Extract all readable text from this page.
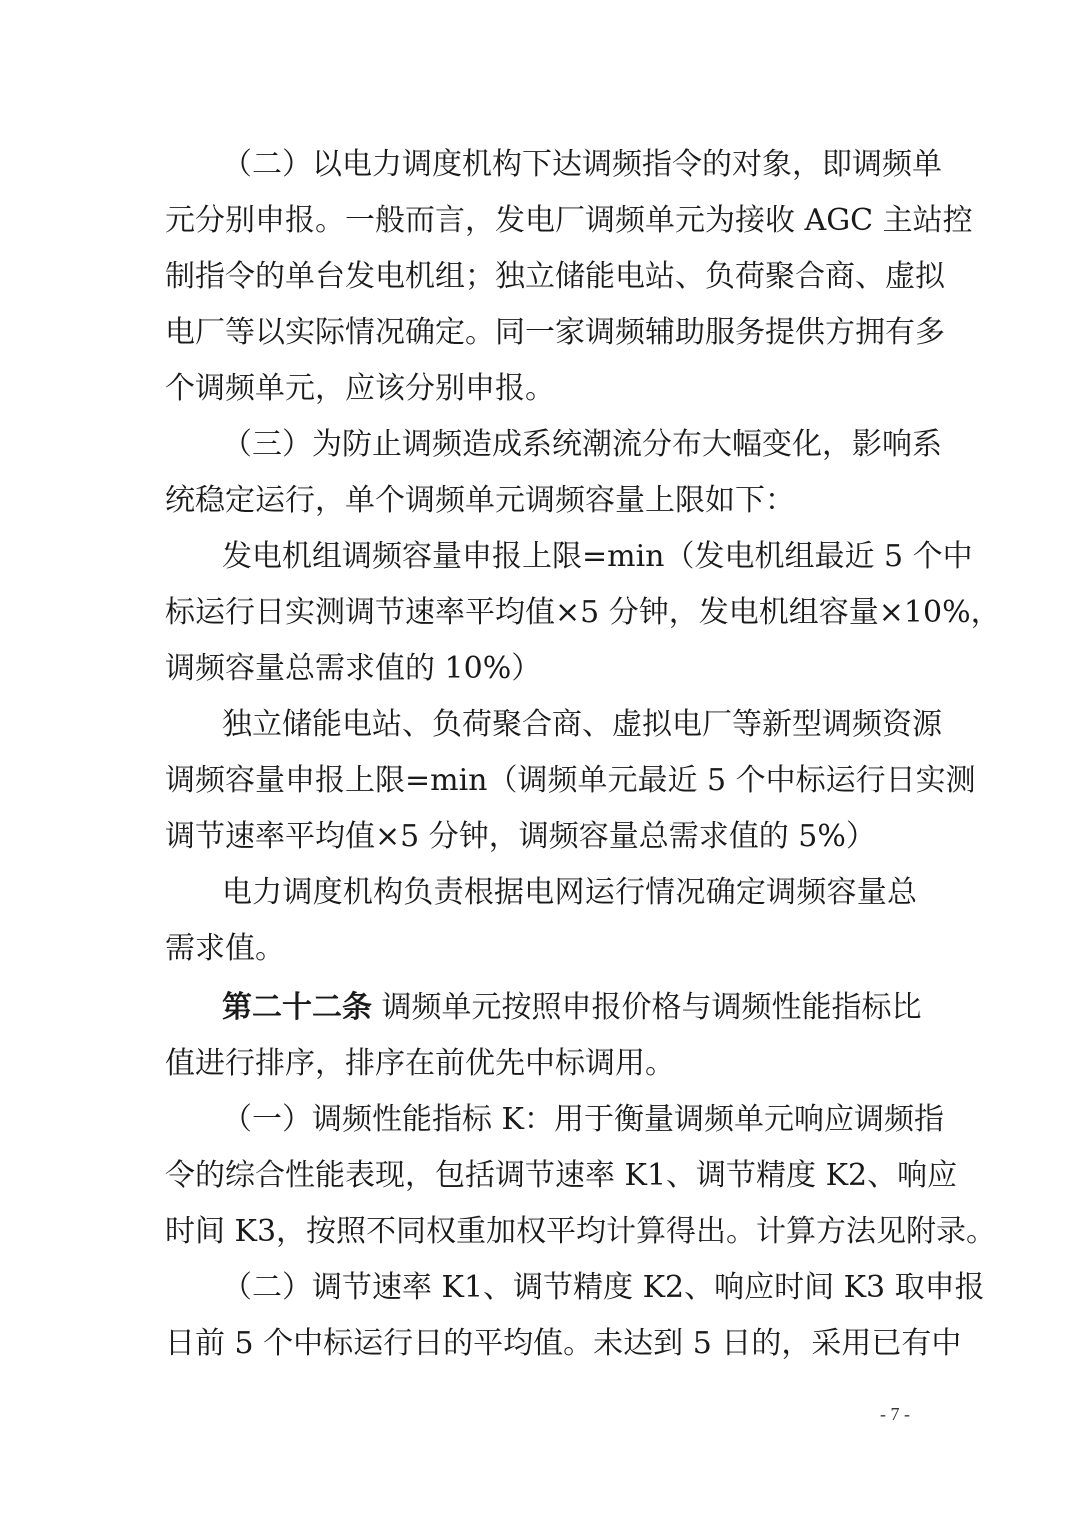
（二）以电力调度机构下达调频指令的对象，即调频单
元分别申报。一般而言，发电厂调频单元为接收 AGC 主站控
制指令的单台发电机组；独立储能电站、负荷聚合商、虚拟
电厂等以实际情况确定。同一家调频辅助服务提供方拥有多
个调频单元，应该分别申报。
（三）为防止调频造成系统潮流分布大幅变化，影响系
统稳定运行，单个调频单元调频容量上限如下：
发电机组调频容量申报上限=min（发电机组最近 5 个中
标运行日实测调节速率平均值×5 分钟，发电机组容量×10%，
调频容量总需求值的 10%）
独立储能电站、负荷聚合商、虚拟电厂等新型调频资源
调频容量申报上限=min（调频单元最近 5 个中标运行日实测
调节速率平均值×5 分钟，调频容量总需求值的 5%）
电力调度机构负责根据电网运行情况确定调频容量总
需求值。
第二十二条 调频单元按照申报价格与调频性能指标比
值进行排序，排序在前优先中标调用。
（一）调频性能指标 K：用于衡量调频单元响应调频指
令的综合性能表现，包括调节速率 K1、调节精度 K2、响应
时间 K3，按照不同权重加权平均计算得出。计算方法见附录。
（二）调节速率 K1、调节精度 K2、响应时间 K3 取申报
日前 5 个中标运行日的平均值。未达到 5 日的，采用已有中
- 7 -
